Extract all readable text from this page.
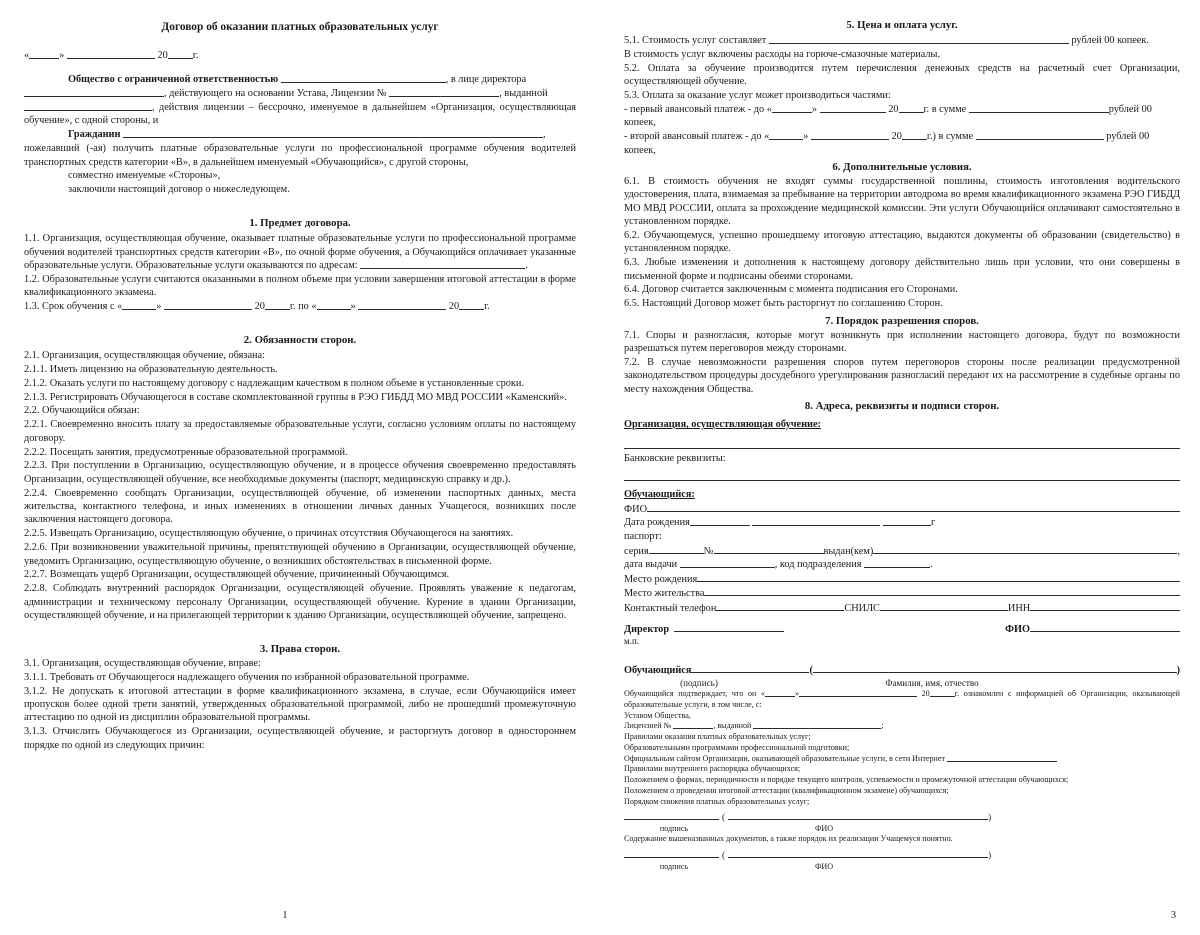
Договор об оказании платных образовательных услуг

«	»	20 г.

Общество с ограниченной ответственностью	, в лице директора

, действующего на основании Устава, Лицензии №	, выданной

, действия лицензии – бессрочно, именуемое в дальнейшем «Организация, осуществляющая обучение», с одной стороны, и

Гражданин	,

пожелавший (-ая) получить платные образовательные услуги по профессиональной программе обучения водителей транспортных средств категории «В», в дальнейшем именуемый «Обучающийся», с другой стороны,

совместно именуемые «Стороны»,

заключили настоящий договор о нижеследующем.

1. Предмет договора.

1.1. Организация, осуществляющая обучение, оказывает платные образовательные услуги по профессиональной программе обучения водителей транспортных средств категории «В», по очной форме обучения, а Обучающийся оплачивает указанные образовательные услуги. Образовательные услуги оказываются по адресам:	.

1.2. Образовательные услуги считаются оказанными в полном объеме при условии завершения итоговой аттестации в форме квалификационного экзамена.

1.3. Срок обучения с «	»	20 г. по «	»	20 г.

2. Обязанности сторон.

2.1. Организация, осуществляющая обучение, обязана:

2.1.1. Иметь лицензию на образовательную деятельность.

2.1.2. Оказать услуги по настоящему договору с надлежащим качеством в полном объеме в установленные сроки.

2.1.3. Регистрировать Обучающегося в составе скомплектованной группы в РЭО ГИБДД МО МВД РОССИИ «Каменский».

2.2. Обучающийся обязан:

2.2.1. Своевременно вносить плату за предоставляемые образовательные услуги, согласно условиям оплаты по настоящему договору.

2.2.2. Посещать занятия, предусмотренные образовательной программой.

2.2.3. При поступлении в Организацию, осуществляющую обучение, и в процессе обучения своевременно предоставлять Организации, осуществляющей обучение, все необходимые документы (паспорт, медицинскую справку и др.).

2.2.4. Своевременно сообщать Организации, осуществляющей обучение, об изменении паспортных данных, места жительства, контактного телефона, и иных изменениях в отношении личных данных Учащегося, возникших после заключения настоящего договора.

2.2.5. Извещать Организацию, осуществляющую обучение, о причинах отсутствия Обучающегося на занятиях.

2.2.6. При возникновении уважительной причины, препятствующей обучению в Организации, осуществляющей обучение, уведомить Организацию, осуществляющую обучение, о возникших обстоятельствах в письменной форме.

2.2.7. Возмещать ущерб Организации, осуществляющей обучение, причиненный Обучающимся.

2.2.8. Соблюдать внутренний распорядок Организации, осуществляющей обучение. Проявлять уважение к педагогам, администрации и техническому персоналу Организации, осуществляющей обучение. Курение в здании Организации, осуществляющей обучение, и на прилегающей территории к зданию Организации, осуществляющей обучение, запрещено.

3. Права сторон.

3.1. Организация, осуществляющая обучение, вправе:

3.1.1. Требовать от Обучающегося надлежащего обучения по избранной образовательной программе.

3.1.2. Не допускать к итоговой аттестации в форме квалификационного экзамена, в случае, если Обучающийся имеет пропусков более одной трети занятий, утвержденных образовательной программой, либо не прошедший промежуточную аттестацию по одной из дисциплин образовательной программы.

3.1.3. Отчислить Обучающегося из Организации, осуществляющей обучение, и расторгнуть договор в одностороннем порядке по одной из следующих причин:

1
5. Цена и оплата услуг.

5.1. Стоимость услуг составляет	рублей 00 копеек.

В стоимость услуг включены расходы на горюче-смазочные материалы.

5.2. Оплата за обучение производится путем перечисления денежных средств на расчетный счет Организации, осуществляющей обучение.

5.3. Оплата за оказание услуг может производиться частями:

- первый авансовый платеж - до «	»	20 г. в сумме	рублей 00 копеек,

- второй авансовый платеж - до «	»	20 г.) в сумме	рублей 00 копеек,

6. Дополнительные условия.

6.1. В стоимость обучения не входят суммы государственной пошлины, стоимость изготовления водительского удостоверения, плата, взимаемая за пребывание на территории автодрома во время квалификационного экзамена РЭО ГИБДД МО МВД РОССИИ, оплата за прохождение медицинской комиссии. Эти услуги Обучающийся оплачивают самостоятельно в установленном порядке.

6.2. Обучающемуся, успешно прошедшему итоговую аттестацию, выдаются документы об образовании (свидетельство) в установленном порядке.

6.3. Любые изменения и дополнения к настоящему договору действительно лишь при условии, что они совершены в письменной форме и подписаны обеими сторонами.

6.4. Договор считается заключенным с момента подписания его Сторонами.

6.5. Настоящий Договор может быть расторгнут по соглашению Сторон.

7. Порядок разрешения споров.

7.1. Споры и разногласия, которые могут возникнуть при исполнении настоящего договора, будут по возможности разрешаться путем переговоров между сторонами.

7.2. В случае невозможности разрешения споров путем переговоров стороны после реализации предусмотренной законодательством процедуры досудебного урегулирования разногласий передают их на рассмотрение в судебные органы по месту нахождения Общества.

8. Адреса, реквизиты и подписи сторон.
Организация, осуществляющая обучение:

Банковские реквизиты:

Обучающийся:
ФИО

Дата рождения	г

паспорт:

серия	№	выдан(кем)	,

дата выдачи	, код подразделения	.

Место рождения
Место жительства
Контактный телефон	СНИЛС	ИНН
Директор	ФИО

м.п.

Обучающийся	(	)
(подпись)	Фамилия, имя, отчество

Обучающийся подтверждает, что он «	»	20	г. ознакомлен с информацией об Организации, оказывающей образовательные услуги, в том числе, с:

Уставом Общества,

Лицензией №	, выданной	;

Правилами оказания платных образовательных услуг;

Образовательными программами профессиональной подготовки;

Официальным сайтом Организации, оказывающей образовательные услуги, в сети Интернет

Правилами внутреннего распорядка обучающихся;

Положением о формах, периодичности и порядке текущего контроля, успеваемости и промежуточной аттестации обучающихся;

Положением о проведении итоговой аттестации (квалификационном экзамене) обучающихся;

Порядком снижения платных образовательных услуг;

(	)
подпись	ФИО

Содержание вышеназванных документов, а также порядок их реализации Учащемуся понятно.

(	)
подпись	ФИО
3
